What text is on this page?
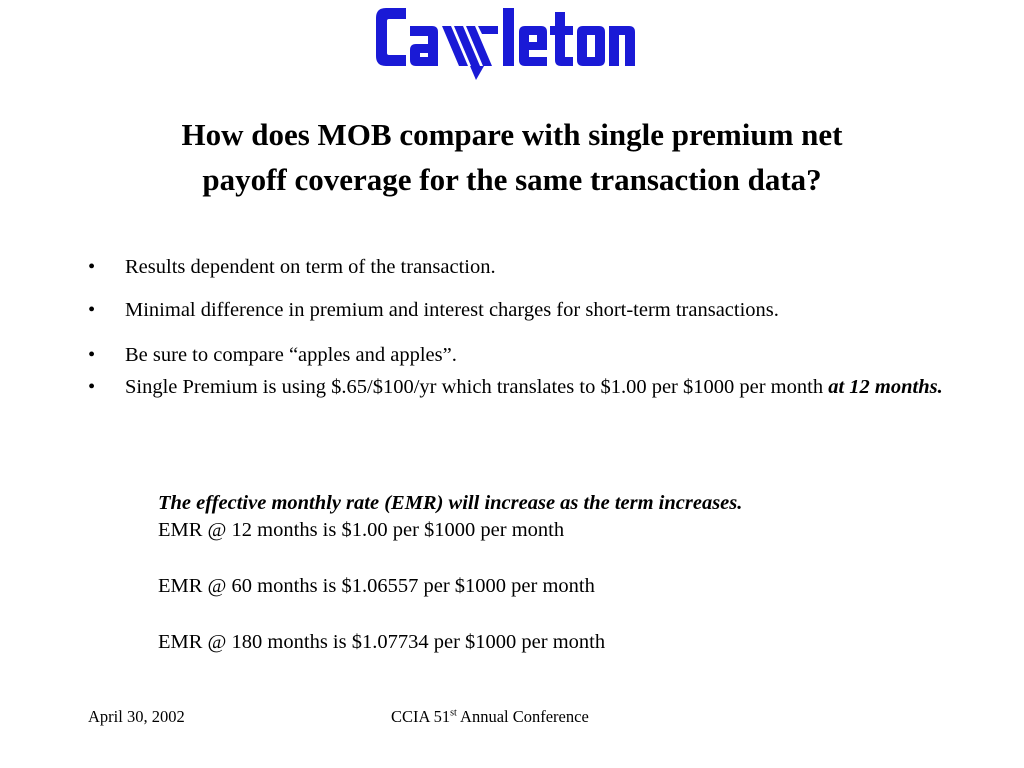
How does MOB compare with single premium net
payoff coverage for the same transaction data?
• Results dependent on term of the transaction.
• Minimal difference in premium and interest charges for short-term transactions.
• Be sure to compare “apples and apples”.
• Single Premium is using $.65/$100/yr which translates to $1.00 per $1000 per month at 12 months.
The effective monthly rate (EMR) will increase as the term increases.
EMR @ 12 months is $1.00 per $1000 per month
EMR @ 60 months is $1.06557 per $1000 per month
EMR @ 180 months is $1.07734 per $1000 per month
April 30, 2002	CCIA 51st Annual Conference
